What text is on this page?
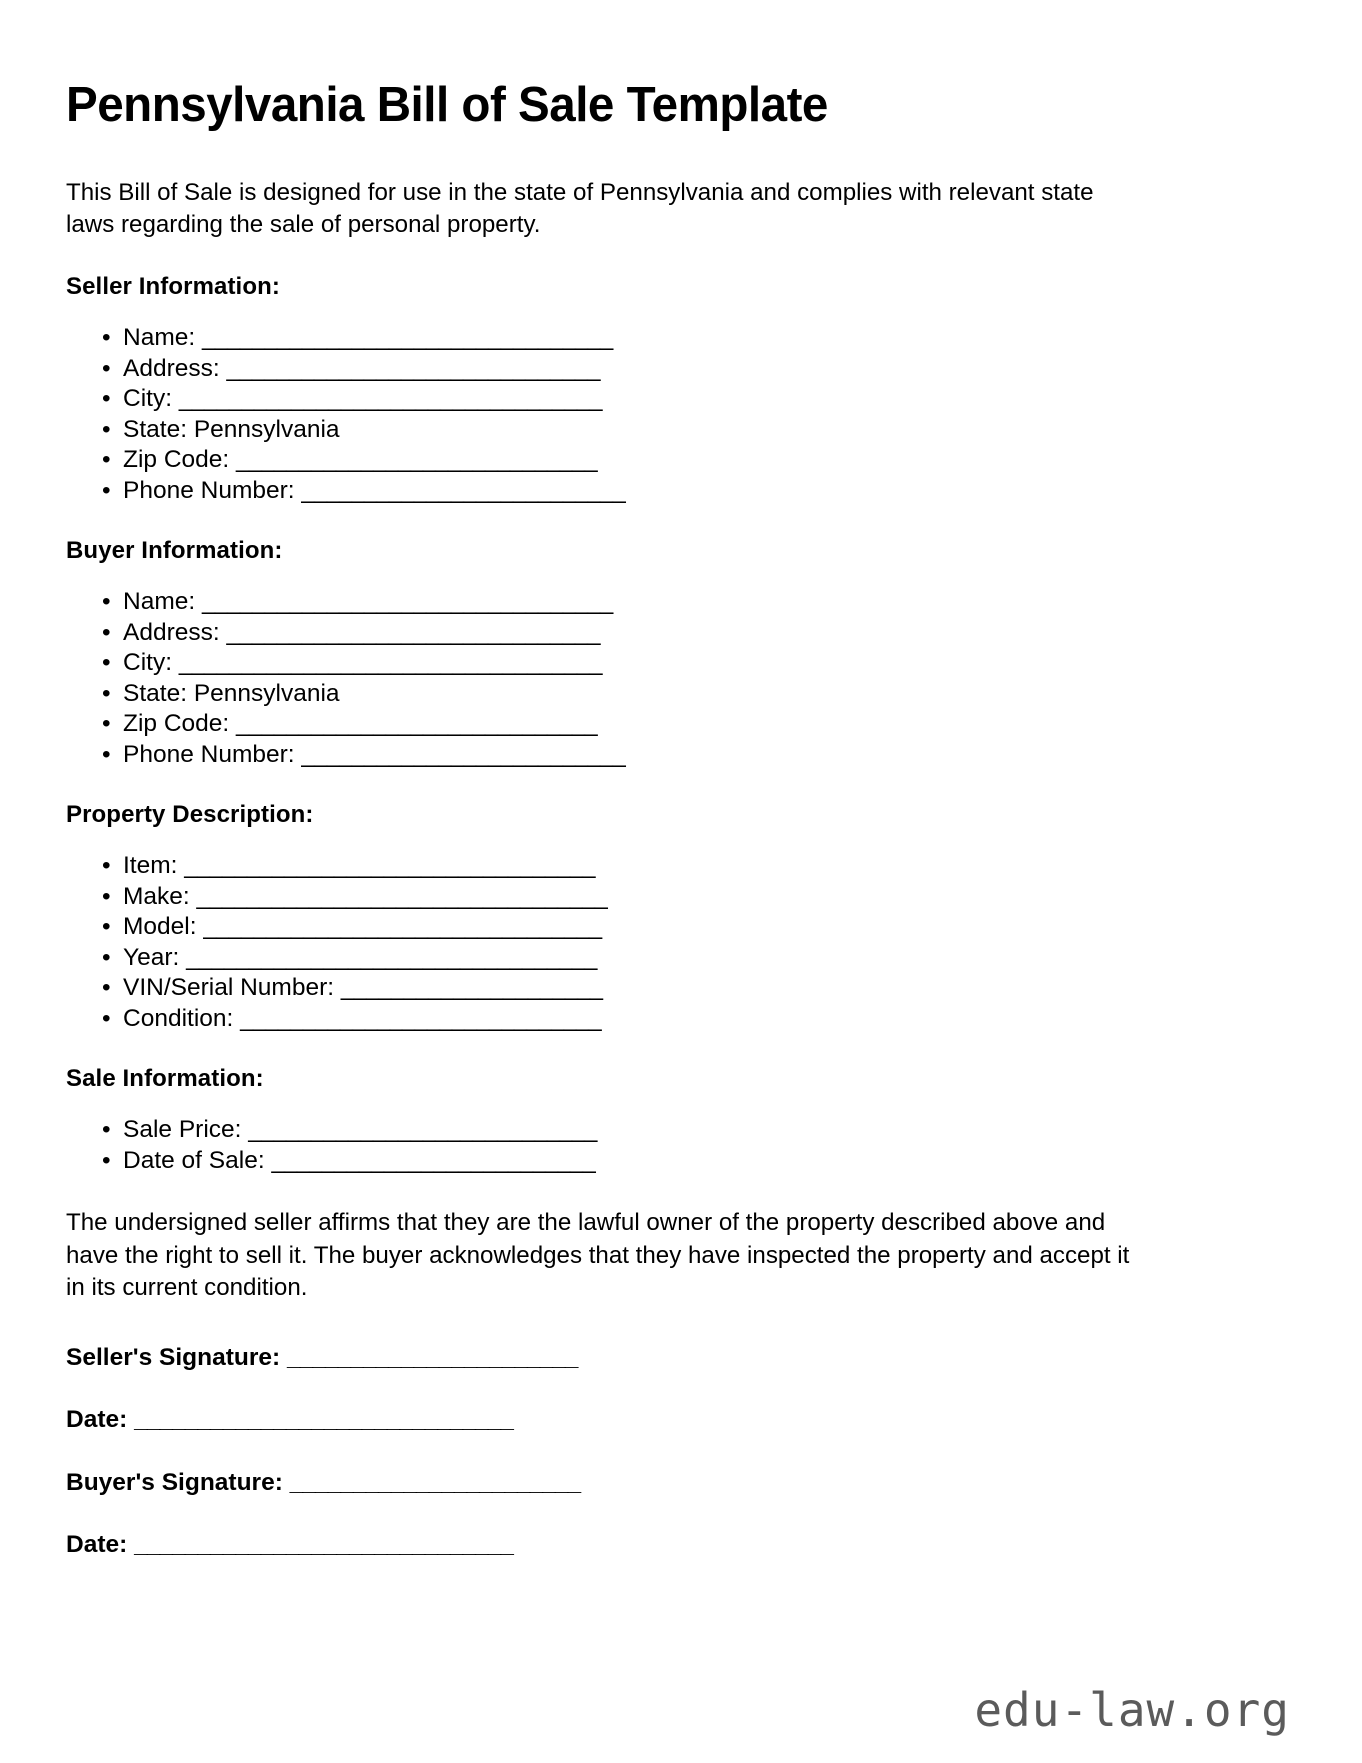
Pennsylvania Bill of Sale Template

This Bill of Sale is designed for use in the state of Pennsylvania and complies with relevant state laws regarding the sale of personal property.

Seller Information:
• Name: _________________________________
• Address: ______________________________
• City: __________________________________
• State: Pennsylvania
• Zip Code: _____________________________
• Phone Number: __________________________
Buyer Information:
• Name: _________________________________
• Address: ______________________________
• City: __________________________________
• State: Pennsylvania
• Zip Code: _____________________________
• Phone Number: __________________________
Property Description:
• Item: _________________________________
• Make: _________________________________
• Model: ________________________________
• Year: _________________________________
• VIN/Serial Number: _____________________
• Condition: _____________________________
Sale Information:
• Sale Price: ____________________________
• Date of Sale: __________________________

The undersigned seller affirms that they are the lawful owner of the property described above and have the right to sell it. The buyer acknowledges that they have inspected the property and accept it in its current condition.

Seller's Signature: _______________________
Date: ______________________________
Buyer's Signature: _______________________
Date: ______________________________
edu-law.org
